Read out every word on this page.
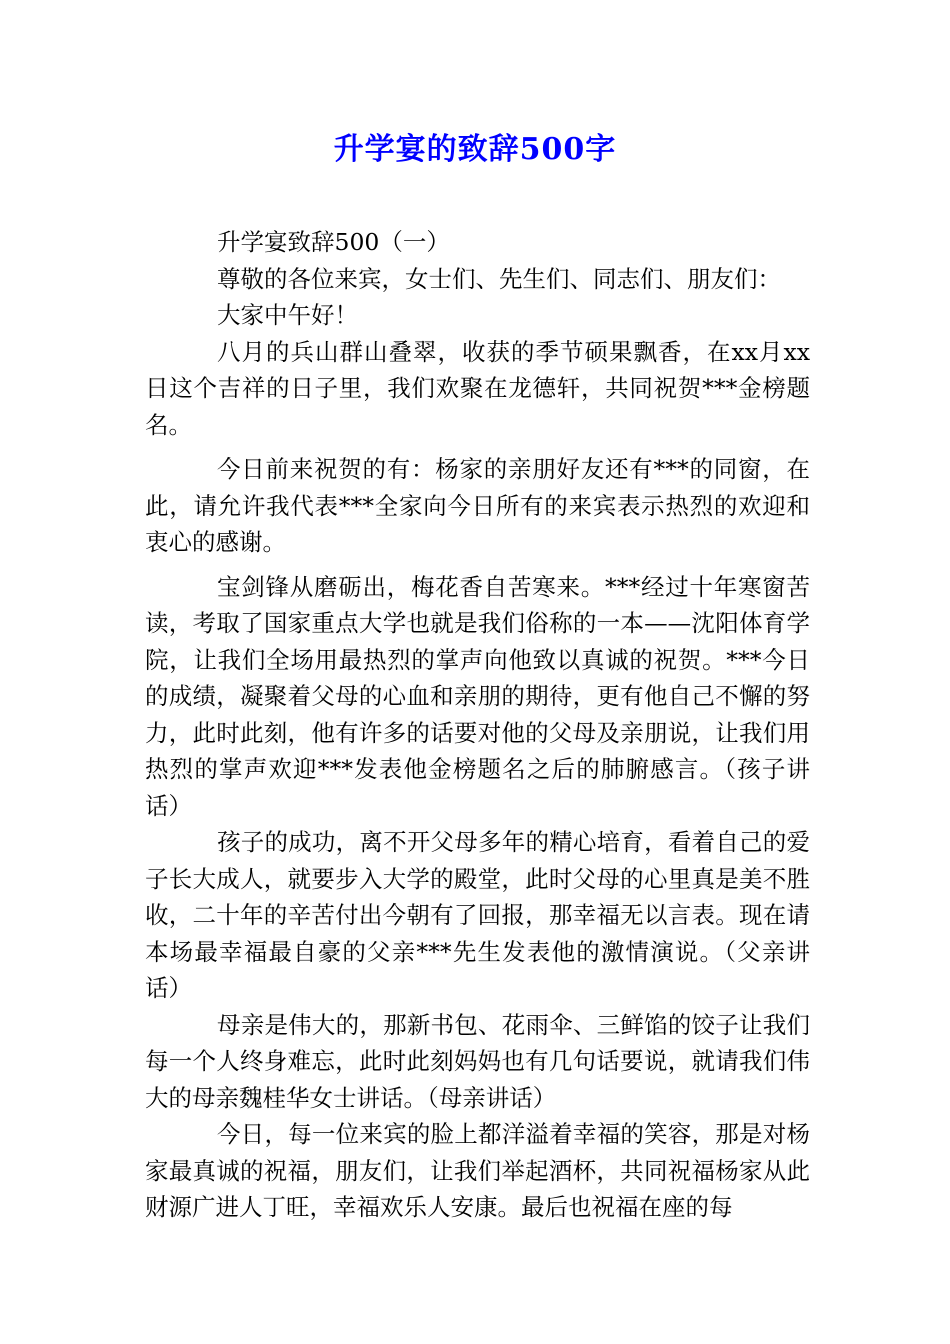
升学宴的致辞500字

升学宴致辞500（一）

尊敬的各位来宾，女士们、先生们、同志们、朋友们：

大家中午好！

八月的兵山群山叠翠，收获的季节硕果飘香，在xx月xx日这个吉祥的日子里，我们欢聚在龙德轩，共同祝贺***金榜题名。

今日前来祝贺的有：杨家的亲朋好友还有***的同窗，在此，请允许我代表***全家向今日所有的来宾表示热烈的欢迎和衷心的感谢。

宝剑锋从磨砺出，梅花香自苦寒来。***经过十年寒窗苦读，考取了国家重点大学也就是我们俗称的一本——沈阳体育学院，让我们全场用最热烈的掌声向他致以真诚的祝贺。***今日的成绩，凝聚着父母的心血和亲朋的期待，更有他自己不懈的努力，此时此刻，他有许多的话要对他的父母及亲朋说，让我们用热烈的掌声欢迎***发表他金榜题名之后的肺腑感言。（孩子讲话）

孩子的成功，离不开父母多年的精心培育，看着自己的爱子长大成人，就要步入大学的殿堂，此时父母的心里真是美不胜收，二十年的辛苦付出今朝有了回报，那幸福无以言表。现在请本场最幸福最自豪的父亲***先生发表他的激情演说。（父亲讲话）

母亲是伟大的，那新书包、花雨伞、三鲜馅的饺子让我们每一个人终身难忘，此时此刻妈妈也有几句话要说，就请我们伟大的母亲魏桂华女士讲话。（母亲讲话）

今日，每一位来宾的脸上都洋溢着幸福的笑容，那是对杨家最真诚的祝福，朋友们，让我们举起酒杯，共同祝福杨家从此财源广进人丁旺，幸福欢乐人安康。最后也祝福在座的每
